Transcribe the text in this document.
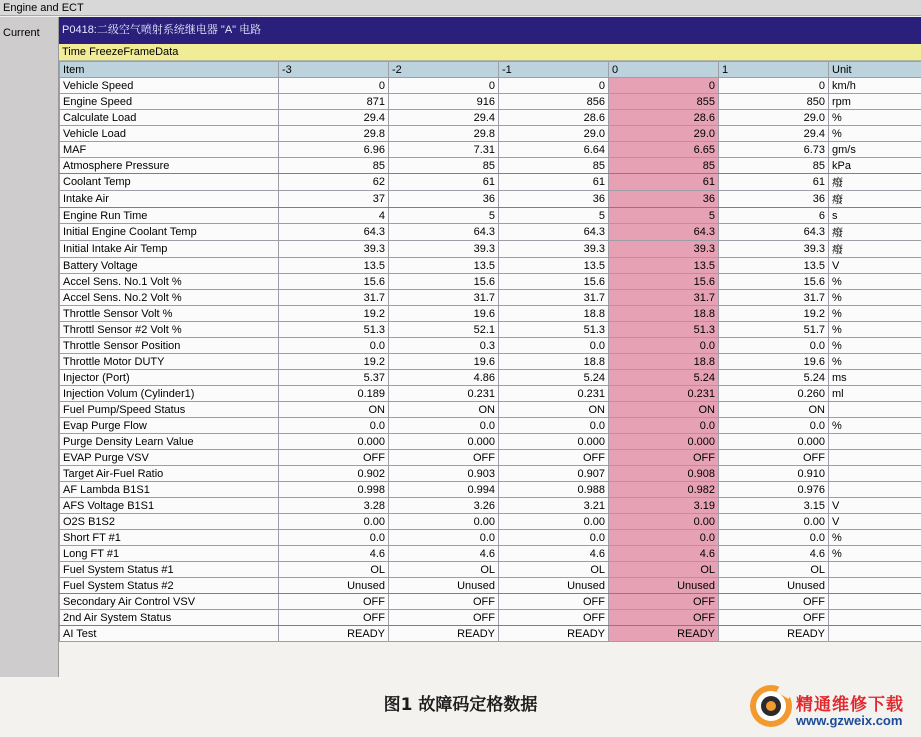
Engine and ECT
Current P0418:二级空气喷射系统继电器 "A" 电路
Time FreezeFrameData
Item	-3	-2	-1	0	1	Unit
Vehicle Speed	0	0	0	0	0	km/h
Engine Speed	871	916	856	855	850	rpm
Calculate Load	29.4	29.4	28.6	28.6	29.0	%
Vehicle Load	29.8	29.8	29.0	29.0	29.4	%
MAF	6.96	7.31	6.64	6.65	6.73	gm/s
Atmosphere Pressure	85	85	85	85	85	kPa
Coolant Temp	62	61	61	61	61	癈
Intake Air	37	36	36	36	36	癈
Engine Run Time	4	5	5	5	6	s
Initial Engine Coolant Temp	64.3	64.3	64.3	64.3	64.3	癈
Initial Intake Air Temp	39.3	39.3	39.3	39.3	39.3	癈
Battery Voltage	13.5	13.5	13.5	13.5	13.5	V
Accel Sens. No.1 Volt %	15.6	15.6	15.6	15.6	15.6	%
Accel Sens. No.2 Volt %	31.7	31.7	31.7	31.7	31.7	%
Throttle Sensor Volt %	19.2	19.6	18.8	18.8	19.2	%
Throttl Sensor #2 Volt %	51.3	52.1	51.3	51.3	51.7	%
Throttle Sensor Position	0.0	0.3	0.0	0.0	0.0	%
Throttle Motor DUTY	19.2	19.6	18.8	18.8	19.6	%
Injector (Port)	5.37	4.86	5.24	5.24	5.24	ms
Injection Volum (Cylinder1)	0.189	0.231	0.231	0.231	0.260	ml
Fuel Pump/Speed Status	ON	ON	ON	ON	ON	
Evap Purge Flow	0.0	0.0	0.0	0.0	0.0	%
Purge Density Learn Value	0.000	0.000	0.000	0.000	0.000	
EVAP Purge VSV	OFF	OFF	OFF	OFF	OFF	
Target Air-Fuel Ratio	0.902	0.903	0.907	0.908	0.910	
AF Lambda B1S1	0.998	0.994	0.988	0.982	0.976	
AFS Voltage B1S1	3.28	3.26	3.21	3.19	3.15	V
O2S B1S2	0.00	0.00	0.00	0.00	0.00	V
Short FT #1	0.0	0.0	0.0	0.0	0.0	%
Long FT #1	4.6	4.6	4.6	4.6	4.6	%
Fuel System Status #1	OL	OL	OL	OL	OL	
Fuel System Status #2	Unused	Unused	Unused	Unused	Unused	
Secondary Air Control VSV	OFF	OFF	OFF	OFF	OFF	
2nd Air System Status	OFF	OFF	OFF	OFF	OFF	
AI Test	READY	READY	READY	READY	READY	
图1 故障码定格数据	精通维修下载
www.gzweix.com
